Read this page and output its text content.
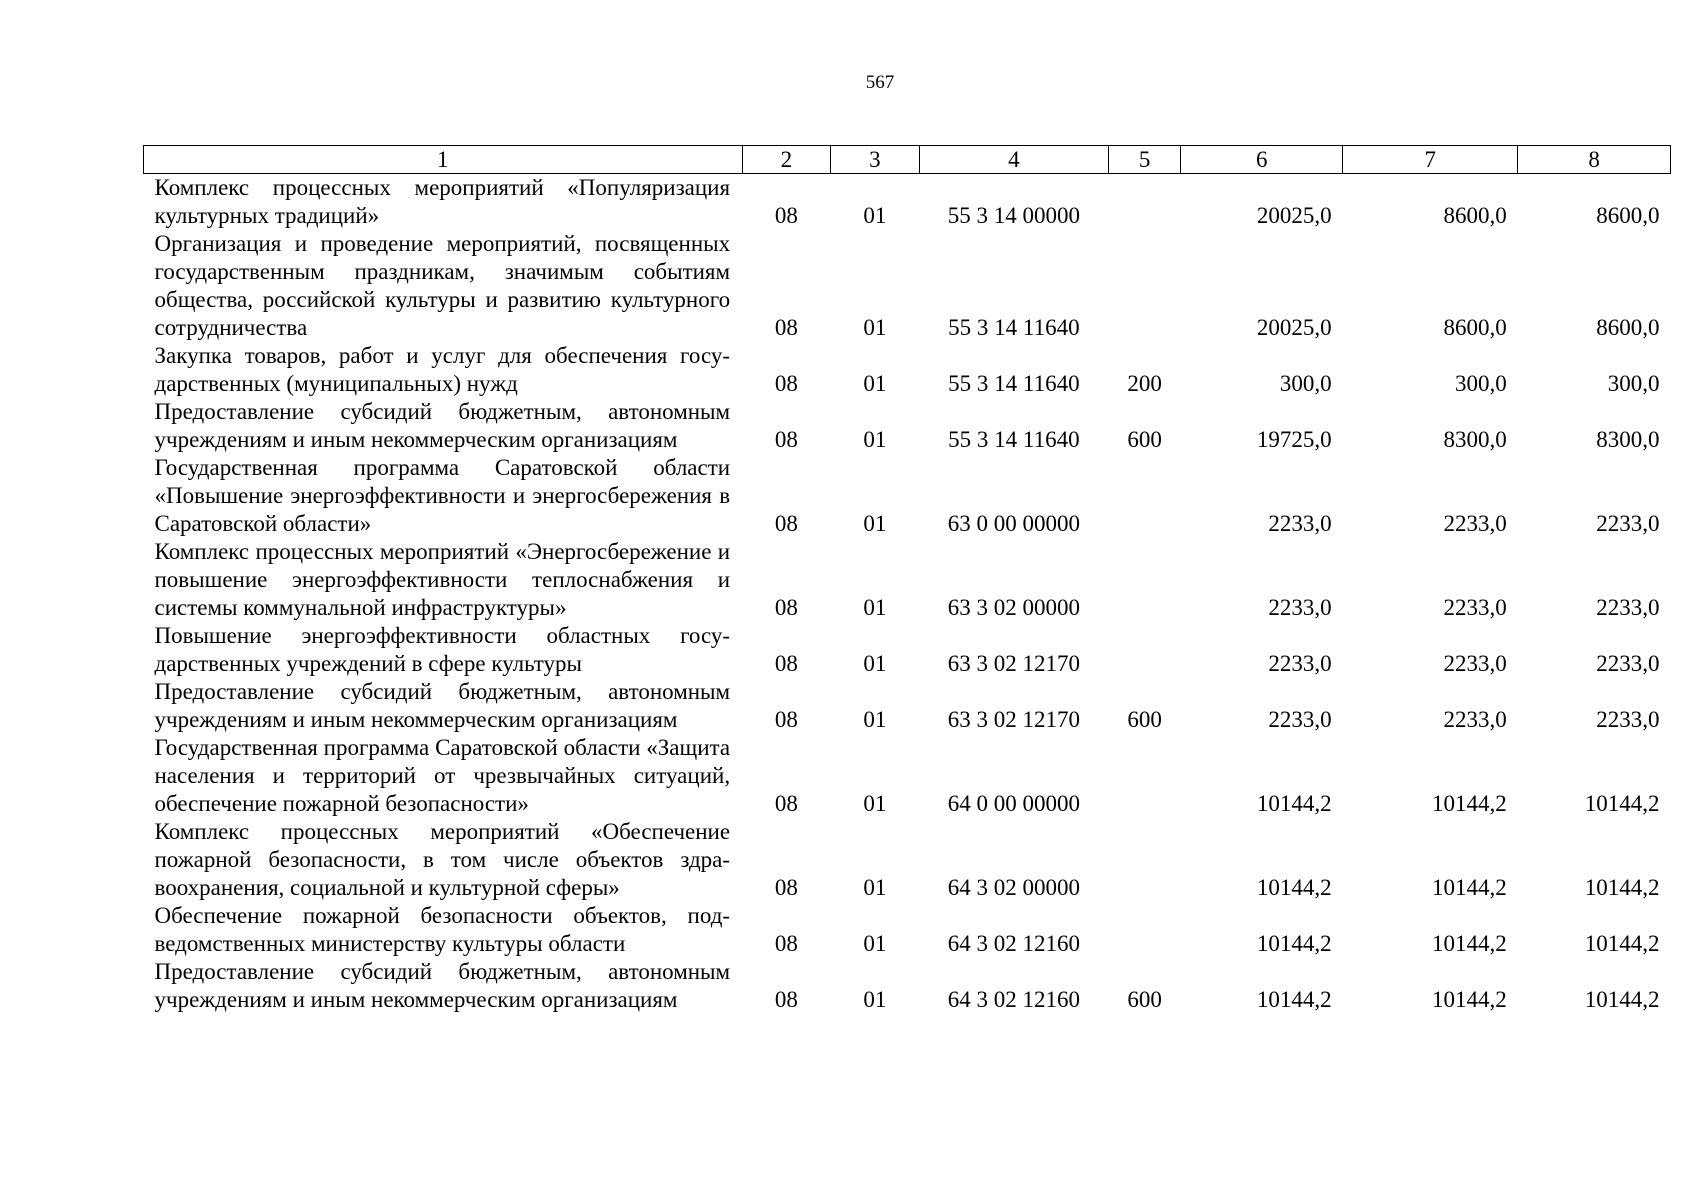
567
1	2	3	4	5	6	7	8
Комплекс процессных мероприятий «Популяризация культурных традиций»	08	01	55 3 14 00000		20025,0	8600,0	8600,0
Организация и проведение мероприятий, посвященных государственным праздникам, значимым событиям общества, российской культуры и развитию культурного сотрудничества	08	01	55 3 14 11640		20025,0	8600,0	8600,0
Закупка товаров, работ и услуг для обеспечения государственных (муниципальных) нужд	08	01	55 3 14 11640	200	300,0	300,0	300,0
Предоставление субсидий бюджетным, автономным учреждениям и иным некоммерческим организациям	08	01	55 3 14 11640	600	19725,0	8300,0	8300,0
Государственная программа Саратовской области «Повышение энергоэффективности и энергосбережения в Саратовской области»	08	01	63 0 00 00000		2233,0	2233,0	2233,0
Комплекс процессных мероприятий «Энергосбережение и повышение энергоэффективности теплоснабжения и системы коммунальной инфраструктуры»	08	01	63 3 02 00000		2233,0	2233,0	2233,0
Повышение энергоэффективности областных государственных учреждений в сфере культуры	08	01	63 3 02 12170		2233,0	2233,0	2233,0
Предоставление субсидий бюджетным, автономным учреждениям и иным некоммерческим организациям	08	01	63 3 02 12170	600	2233,0	2233,0	2233,0
Государственная программа Саратовской области «Защита населения и территорий от чрезвычайных ситуаций, обеспечение пожарной безопасности»	08	01	64 0 00 00000		10144,2	10144,2	10144,2
Комплекс процессных мероприятий «Обеспечение пожарной безопасности, в том числе объектов здравоохранения, социальной и культурной сферы»	08	01	64 3 02 00000		10144,2	10144,2	10144,2
Обеспечение пожарной безопасности объектов, подведомственных министерству культуры области	08	01	64 3 02 12160		10144,2	10144,2	10144,2
Предоставление субсидий бюджетным, автономным учреждениям и иным некоммерческим организациям	08	01	64 3 02 12160	600	10144,2	10144,2	10144,2
